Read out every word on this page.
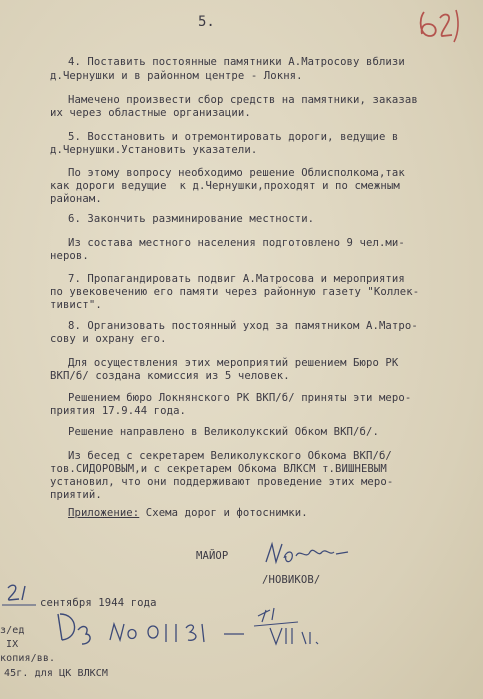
5.
62
4. Поставить постоянные памятники А.Матросову вблизи
д.Чернушки и в районном центре - Локня.
Намечено произвести сбор средств на памятники, заказав
их через областные организации.
5. Восстановить и отремонтировать дороги, ведущие в
д.Чернушки.Установить указатели.
По этому вопросу необходимо решение Облисполкома,так
как дороги ведущие  к д.Чернушки,проходят и по смежным
районам.
6. Закончить разминирование местности.
Из состава местного населения подготовлено 9 чел.ми-
неров.
7. Пропагандировать подвиг А.Матросова и мероприятия
по увековечению его памяти через районную газету "Коллек-
тивист".
8. Организовать постоянный уход за памятником А.Матро-
сову и охрану его.
Для осуществления этих мероприятий решением Бюро РК
ВКП/б/ создана комиссия из 5 человек.
Решением бюро Локнянского РК ВКП/б/ приняты эти меро-
приятия 17.9.44 года.
Решение направлено в Великолукский Обком ВКП/б/.
Из бесед с секретарем Великолукского Обкома ВКП/б/
тов.СИДОРОВЫМ,и с секретарем Обкома ВЛКСМ т.ВИШНЕВЫМ
установил, что они поддерживают проведение этих меро-
приятий.
Приложение: Схема дорог и фотоснимки.
МАЙОР
/НОВИКОВ/
сентября 1944 года
з/ед
IX
копия/вв.
45г. для ЦК ВЛКСМ
